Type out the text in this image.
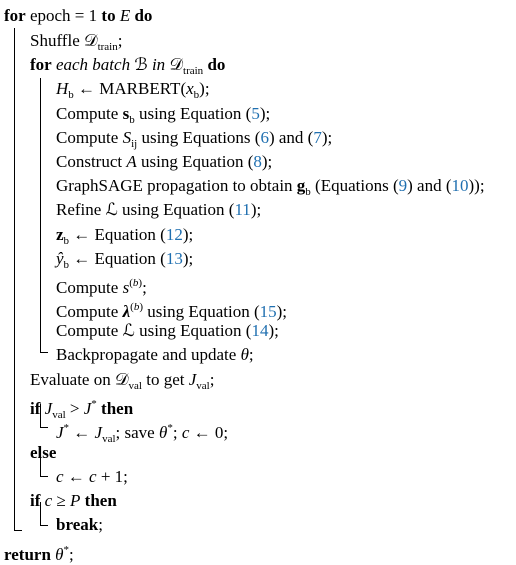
for epoch = 1 to E do
Shuffle 𝒟$_{train}$;
for each batch ℬ in 𝒟$_{train}$ do
$H_b$ ← $MARBERT(x_b)$;
Compute $s_b$ using Equation (5);
Compute $S_{ij}$ using Equations (6) and (7);
Construct A using Equation (8);
GraphSAGE propagation to obtain $g_b$ (Equations (9) and (10));
Refine ℒ using Equation (11);
$z_b$ ← Equation (12);
$ŷ_b$ ← Equation (13);
Compute $s^{(b)}$;
Compute $\lambda^{(b)}$ using Equation (15);
Compute ℒ using Equation (14);
Backpropagate and update θ;
Evaluate on 𝒟$_{val}$ to get $J_{val}$;
if $J_{val} > J^*$ then
J* ← $J_{val}$; save θ*; c ← 0;
else
c ← c + 1;
if c ≥ P then
break;
return θ*;
